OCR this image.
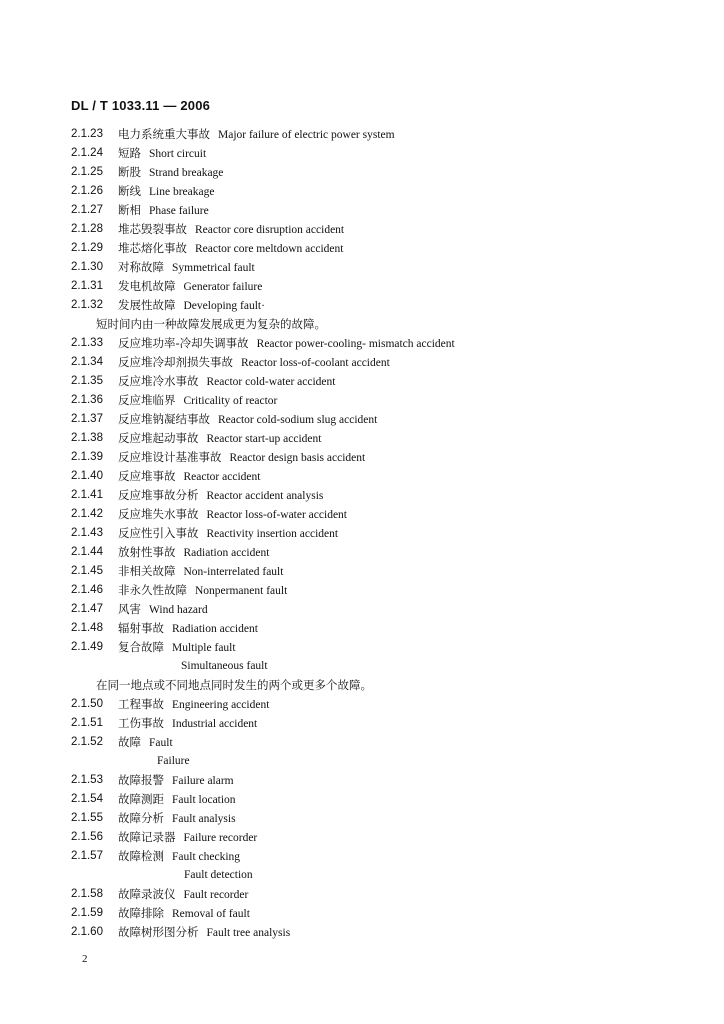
DL / T 1033.11 — 2006
2.1.23 电力系统重大事故 Major failure of electric power system
2.1.24 短路 Short circuit
2.1.25 断股 Strand breakage
2.1.26 断线 Line breakage
2.1.27 断相 Phase failure
2.1.28 堆芯毁裂事故 Reactor core disruption accident
2.1.29 堆芯熔化事故 Reactor core meltdown accident
2.1.30 对称故障 Symmetrical fault
2.1.31 发电机故障 Generator failure
2.1.32 发展性故障 Developing fault·
短时间内由一种故障发展成更为复杂的故障。
2.1.33 反应堆功率-冷却失调事故 Reactor power-cooling- mismatch accident
2.1.34 反应堆冷却剂损失事故 Reactor loss-of-coolant accident
2.1.35 反应堆冷水事故 Reactor cold-water accident
2.1.36 反应堆临界 Criticality of reactor
2.1.37 反应堆钠凝结事故 Reactor cold-sodium slug accident
2.1.38 反应堆起动事故 Reactor start-up accident
2.1.39 反应堆设计基准事故 Reactor design basis accident
2.1.40 反应堆事故 Reactor accident
2.1.41 反应堆事故分析 Reactor accident analysis
2.1.42 反应堆失水事故 Reactor loss-of-water accident
2.1.43 反应性引入事故 Reactivity insertion accident
2.1.44 放射性事故 Radiation accident
2.1.45 非相关故障 Non-interrelated fault
2.1.46 非永久性故障 Nonpermanent fault
2.1.47 风害 Wind hazard
2.1.48 辐射事故 Radiation accident
2.1.49 复合故障 Multiple fault
Simultaneous fault
在同一地点或不同地点同时发生的两个或更多个故障。
2.1.50 工程事故 Engineering accident
2.1.51 工伤事故 Industrial accident
2.1.52 故障 Fault
Failure
2.1.53 故障报警 Failure alarm
2.1.54 故障测距 Fault location
2.1.55 故障分析 Fault analysis
2.1.56 故障记录器 Failure recorder
2.1.57 故障检测 Fault checking
Fault detection
2.1.58 故障录波仪 Fault recorder
2.1.59 故障排除 Removal of fault
2.1.60 故障树形图分析 Fault tree analysis
2
